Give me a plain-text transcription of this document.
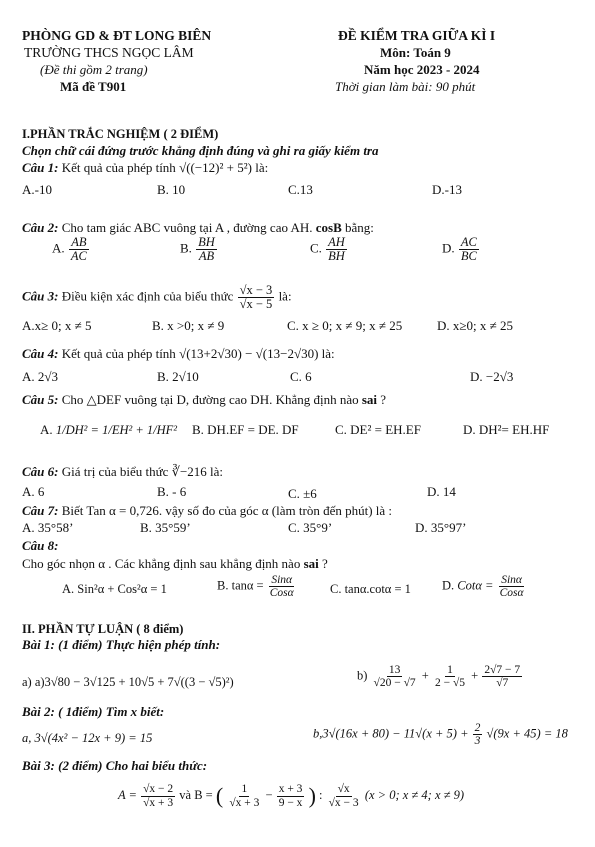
PHÒNG GD & ĐT LONG BIÊN
TRƯỜNG THCS NGỌC LÂM
(Đề thi gồm 2 trang)
Mã đề T901
ĐỀ KIỂM TRA GIỮA KÌ I
Môn: Toán 9
Năm học 2023 - 2024
Thời gian làm bài: 90 phút
I.PHẦN TRẮC NGHIỆM ( 2 ĐIỂM)
Chọn chữ cái đứng trước khẳng định đúng và ghi ra giấy kiểm tra
Câu 1: Kết quả của phép tính √((−12)² + 5²) là:
A.-10	B. 10	C.13	D.-13
Câu 2: Cho tam giác ABC vuông tại A , đường cao AH. cosB bằng:
A. $\frac{AB}{AC}$	B. $\frac{BH}{AB}$	C. $\frac{AH}{BH}$	D. $\frac{AC}{BC}$
Câu 3: Điều kiện xác định của biểu thức $\frac{√x - 3}{√x - 5}$ là:
A.x≥ 0; x ≠ 5	B. x >0; x ≠ 9	C. x ≥ 0; x ≠ 9; x ≠ 25	D. x≥0; x ≠ 25
Câu 4: Kết quả của phép tính √(13+2√30) − √(13−2√30) là:
A. 2√3	B. 2√10	C. 6	D. −2√3
Câu 5: Cho △DEF vuông tại D, đường cao DH. Khẳng định nào sai ?
A. 1/DH² = 1/EH² + 1/HF² B. DH.EF = DE. DF	C. DE² = EH.EF	D. DH²= EH.HF
Câu 6: Giá trị của biểu thức ∛−216 là:
A. 6	B. - 6	C. ±6	D. 14
Câu 7: Biết Tan α = 0,726. vậy số đo của góc α (làm tròn đến phút) là :
A. 35°58’	B. 35°59’	C. 35°9’	D. 35°97’
Câu 8:
Cho góc nhọn α . Các khẳng định sau khẳng định nào sai ?
A. Sin²α + Cos²α = 1	B. $\tan\alpha = \frac{\text{Sinα}}{\text{Cosα}}$	C. tanα.cotα = 1 D. $Cot\alpha = \frac{\text{Sinα}}{\text{Cosα}}$
II. PHẦN TỰ LUẬN ( 8 điểm)
Bài 1: (1 điểm) Thực hiện phép tính:
a) a)3√80 − 3√125 + 10√5 + 7√((3 − √5)²)	$b) \frac{13}{√20 - √7} + \frac{1}{2 - √5} + \frac{2√7 - 7}{√7}$
Bài 2: ( 1điểm) Tìm x biết:
a, 3√(4x² − 12x + 9) = 15	$b,3√(16x + 80) - 11√(x + 5) + \frac{2}{3} √(9x + 45) = 18$
Bài 3: (2 điểm) Cho hai biểu thức:
$A = \frac{√x - 2}{√x + 3}$ và B = ( $\frac{1}{√x + 3} - \frac{x + 3}{9 - x}$ ) : $\frac{√x}{√x - 3} (x > 0$; x ≠ 4; x ≠ 9)
